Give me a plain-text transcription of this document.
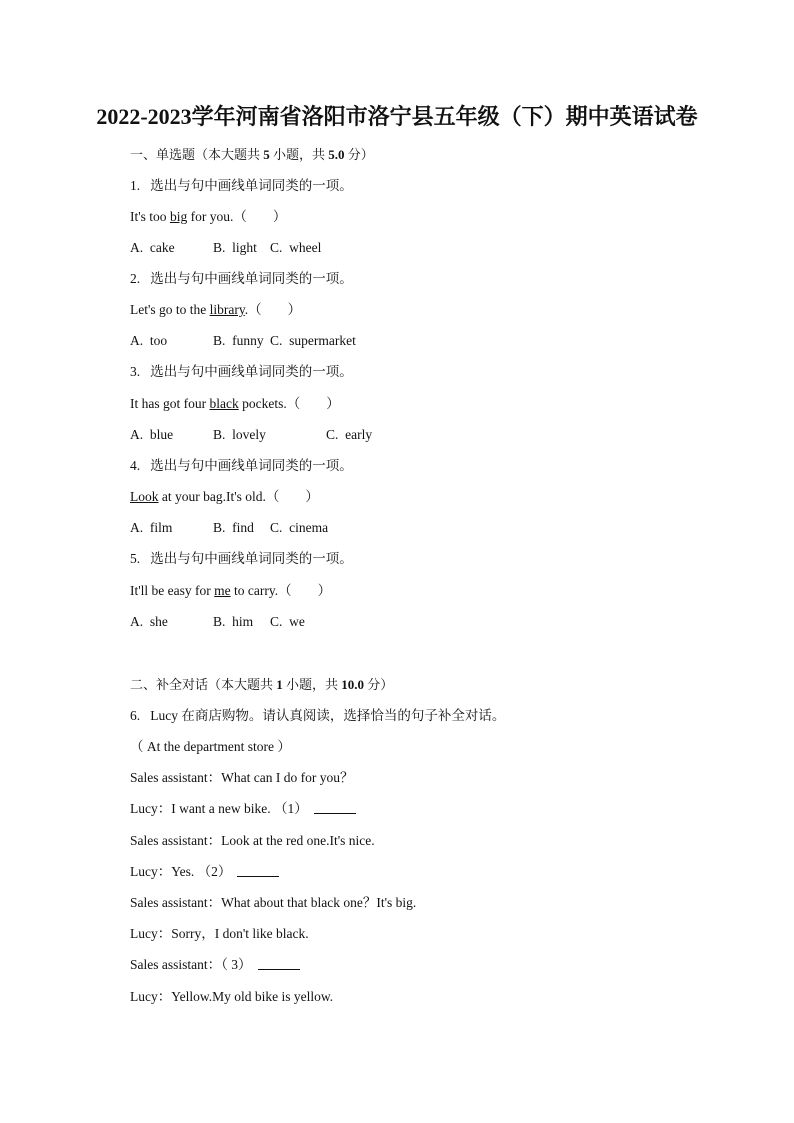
2022-2023学年河南省洛阳市洛宁县五年级（下）期中英语试卷
一、单选题（本大题共 5 小题，共 5.0 分）
1. 选出与句中画线单词同类的一项。
It's too big for you.（ ）
A. cake	B. light C. wheel
2. 选出与句中画线单词同类的一项。
Let's go to the library.（ ）
A. too	B. funny C. supermarket
3. 选出与句中画线单词同类的一项。
It has got four black pockets.（ ）
A. blue	B. lovely	C. early
4. 选出与句中画线单词同类的一项。
Look at your bag.It's old.（ ）
A. film	B. find C. cinema
5. 选出与句中画线单词同类的一项。
It'll be easy for me to carry.（ ）
A. she	B. him C. we
二、补全对话（本大题共 1 小题，共 10.0 分）
6. Lucy 在商店购物。请认真阅读，选择恰当的句子补全对话。
（ At the department store ）
Sales assistant：What can I do for you？
Lucy：I want a new bike. （1）
Sales assistant：Look at the red one.It's nice.
Lucy：Yes. （2）
Sales assistant：What about that black one？It's big.
Lucy：Sorry，I don't like black.
Sales assistant：（ 3）
Lucy：Yellow.My old bike is yellow.
